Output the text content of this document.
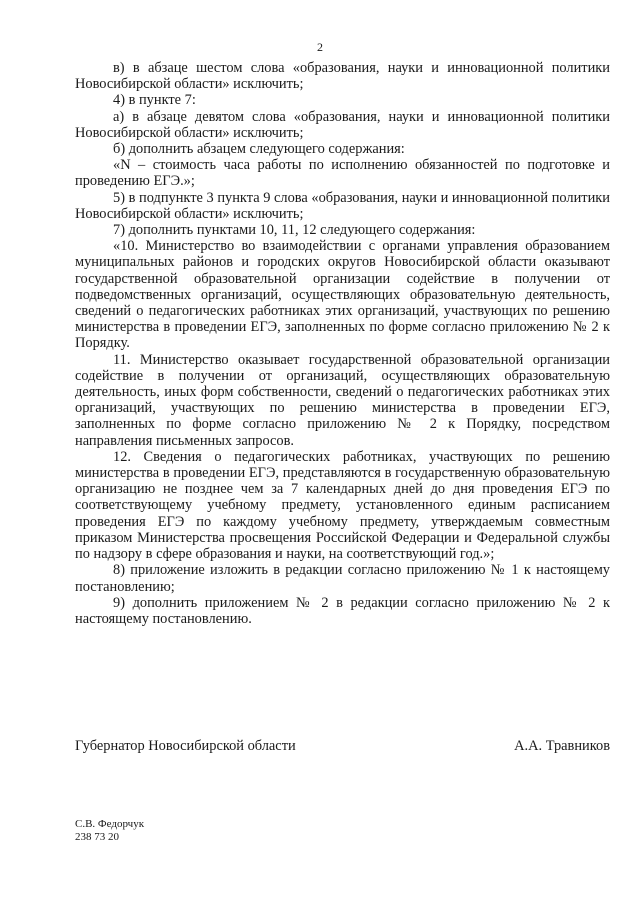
2

в) в абзаце шестом слова «образования, науки и инновационной политики Новосибирской области» исключить;

4) в пункте 7:

а) в абзаце девятом слова «образования, науки и инновационной политики Новосибирской области» исключить;

б) дополнить абзацем следующего содержания:

«N – стоимость часа работы по исполнению обязанностей по подготовке и проведению ЕГЭ.»;

5) в подпункте 3 пункта 9 слова «образования, науки и инновационной политики Новосибирской области» исключить;

7) дополнить пунктами 10, 11, 12 следующего содержания:

«10. Министерство во взаимодействии с органами управления образованием муниципальных районов и городских округов Новосибирской области оказывают государственной образовательной организации содействие в получении от подведомственных организаций, осуществляющих образовательную деятельность, сведений о педагогических работниках этих организаций, участвующих по решению министерства в проведении ЕГЭ, заполненных по форме согласно приложению № 2 к Порядку.

11. Министерство оказывает государственной образовательной организации содействие в получении от организаций, осуществляющих образовательную деятельность, иных форм собственности, сведений о педагогических работниках этих организаций, участвующих по решению министерства в проведении ЕГЭ, заполненных по форме согласно приложению № 2 к Порядку, посредством направления письменных запросов.

12. Сведения о педагогических работниках, участвующих по решению министерства в проведении ЕГЭ, представляются в государственную образовательную организацию не позднее чем за 7 календарных дней до дня проведения ЕГЭ по соответствующему учебному предмету, установленного единым расписанием проведения ЕГЭ по каждому учебному предмету, утверждаемым совместным приказом Министерства просвещения Российской Федерации и Федеральной службы по надзору в сфере образования и науки, на соответствующий год.»;

8) приложение изложить в редакции согласно приложению № 1 к настоящему постановлению;

9) дополнить приложением № 2 в редакции согласно приложению № 2 к настоящему постановлению.

Губернатор Новосибирской области	А.А. Травников
С.В. Федорчук
238 73 20
